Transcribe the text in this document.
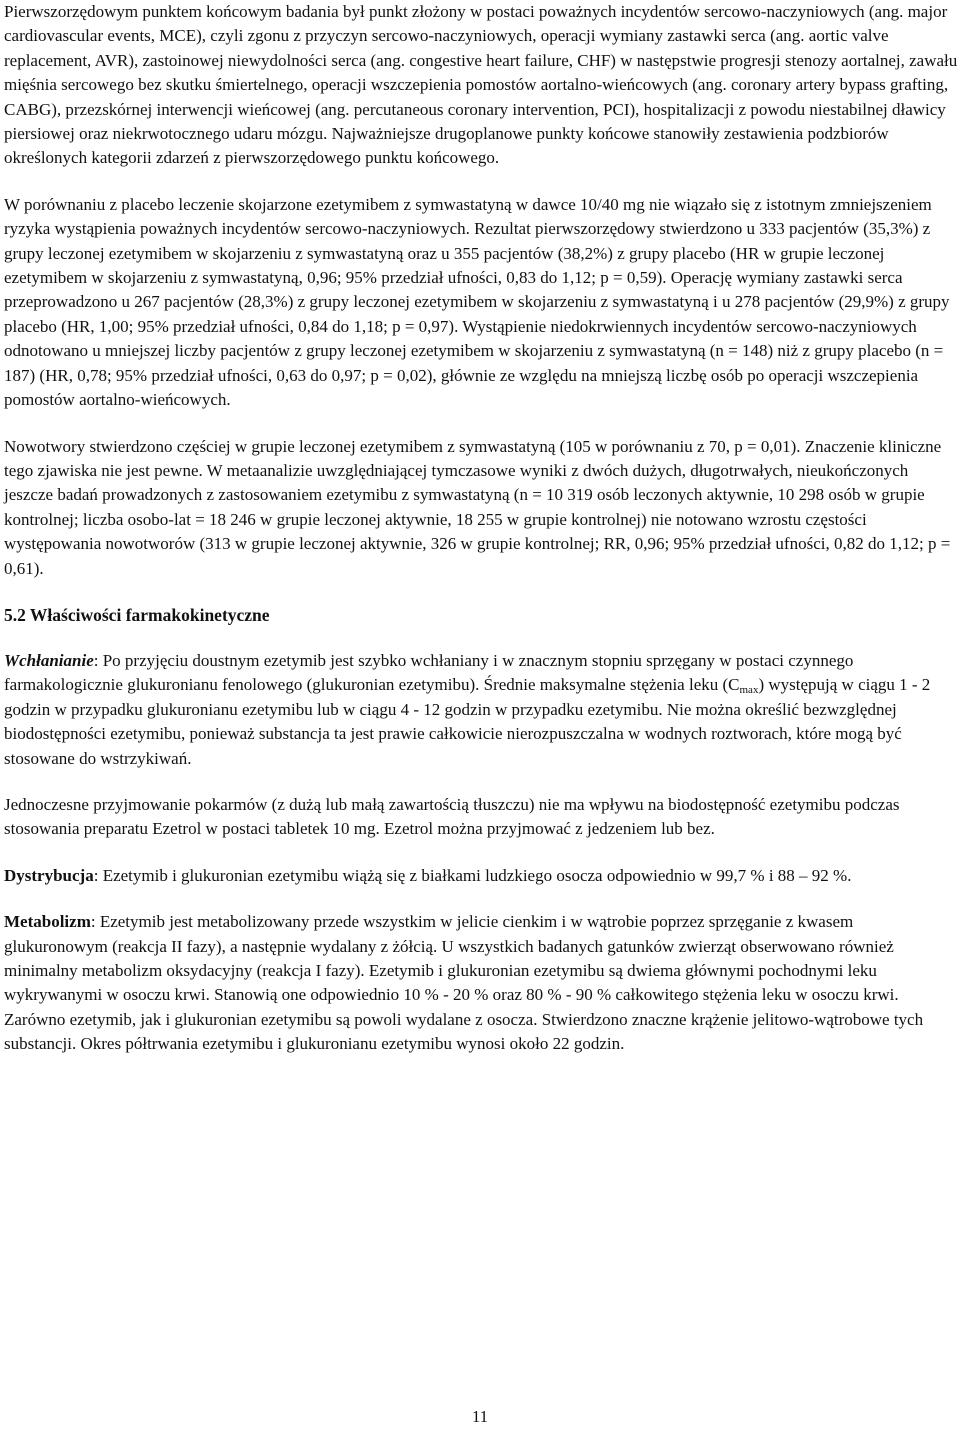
Pierwszorzędowym punktem końcowym badania był punkt złożony w postaci poważnych incydentów sercowo-naczyniowych (ang. major cardiovascular events, MCE), czyli zgonu z przyczyn sercowo-naczyniowych, operacji wymiany zastawki serca (ang. aortic valve replacement, AVR), zastoinowej niewydolności serca (ang. congestive heart failure, CHF) w następstwie progresji stenozy aortalnej, zawału mięśnia sercowego bez skutku śmiertelnego, operacji wszczepienia pomostów aortalno-wieńcowych (ang. coronary artery bypass grafting, CABG), przezskórnej interwencji wieńcowej (ang. percutaneous coronary intervention, PCI), hospitalizacji z powodu niestabilnej dławicy piersiowej oraz niekrwotocznego udaru mózgu. Najważniejsze drugoplanowe punkty końcowe stanowiły zestawienia podzbiorów określonych kategorii zdarzeń z pierwszorzędowego punktu końcowego.

W porównaniu z placebo leczenie skojarzone ezetymibem z symwastatyną w dawce 10/40 mg nie wiązało się z istotnym zmniejszeniem ryzyka wystąpienia poważnych incydentów sercowo-naczyniowych. Rezultat pierwszorzędowy stwierdzono u 333 pacjentów (35,3%) z grupy leczonej ezetymibem w skojarzeniu z symwastatyną oraz u 355 pacjentów (38,2%) z grupy placebo (HR w grupie leczonej ezetymibem w skojarzeniu z symwastatyną, 0,96; 95% przedział ufności, 0,83 do 1,12; p = 0,59). Operację wymiany zastawki serca przeprowadzono u 267 pacjentów (28,3%) z grupy leczonej ezetymibem w skojarzeniu z symwastatyną i u 278 pacjentów (29,9%) z grupy placebo (HR, 1,00; 95% przedział ufności, 0,84 do 1,18; p = 0,97). Wystąpienie niedokrwiennych incydentów sercowo-naczyniowych odnotowano u mniejszej liczby pacjentów z grupy leczonej ezetymibem w skojarzeniu z symwastatyną (n = 148) niż z grupy placebo (n = 187) (HR, 0,78; 95% przedział ufności, 0,63 do 0,97; p = 0,02), głównie ze względu na mniejszą liczbę osób po operacji wszczepienia pomostów aortalno-wieńcowych.

Nowotwory stwierdzono częściej w grupie leczonej ezetymibem z symwastatyną (105 w porównaniu z 70, p = 0,01). Znaczenie kliniczne tego zjawiska nie jest pewne. W metaanalizie uwzględniającej tymczasowe wyniki z dwóch dużych, długotrwałych, nieukończonych jeszcze badań prowadzonych z zastosowaniem ezetymibu z symwastatyną (n = 10 319 osób leczonych aktywnie, 10 298 osób w grupie kontrolnej; liczba osobo-lat = 18 246 w grupie leczonej aktywnie, 18 255 w grupie kontrolnej) nie notowano wzrostu częstości występowania nowotworów (313 w grupie leczonej aktywnie, 326 w grupie kontrolnej; RR, 0,96; 95% przedział ufności, 0,82 do 1,12; p = 0,61).

5.2 Właściwości farmakokinetyczne

Wchłanianie: Po przyjęciu doustnym ezetymib jest szybko wchłaniany i w znacznym stopniu sprzęgany w postaci czynnego farmakologicznie glukuronianu fenolowego (glukuronian ezetymibu). Średnie maksymalne stężenia leku $(C_{max})$ występują w ciągu 1 - 2 godzin w przypadku glukuronianu ezetymibu lub w ciągu 4 - 12 godzin w przypadku ezetymibu. Nie można określić bezwzględnej biodostępności ezetymibu, ponieważ substancja ta jest prawie całkowicie nierozpuszczalna w wodnych roztworach, które mogą być stosowane do wstrzykiwań.

Jednoczesne przyjmowanie pokarmów (z dużą lub małą zawartością tłuszczu) nie ma wpływu na biodostępność ezetymibu podczas stosowania preparatu Ezetrol w postaci tabletek 10 mg. Ezetrol można przyjmować z jedzeniem lub bez.

Dystrybucja: Ezetymib i glukuronian ezetymibu wiążą się z białkami ludzkiego osocza odpowiednio w 99,7 % i 88 – 92 %.

Metabolizm: Ezetymib jest metabolizowany przede wszystkim w jelicie cienkim i w wątrobie poprzez sprzęganie z kwasem glukuronowym (reakcja II fazy), a następnie wydalany z żółcią. U wszystkich badanych gatunków zwierząt obserwowano również minimalny metabolizm oksydacyjny (reakcja I fazy). Ezetymib i glukuronian ezetymibu są dwiema głównymi pochodnymi leku wykrywanymi w osoczu krwi. Stanowią one odpowiednio 10 % - 20 % oraz 80 % - 90 % całkowitego stężenia leku w osoczu krwi. Zarówno ezetymib, jak i glukuronian ezetymibu są powoli wydalane z osocza. Stwierdzono znaczne krążenie jelitowo-wątrobowe tych substancji. Okres półtrwania ezetymibu i glukuronianu ezetymibu wynosi około 22 godzin.

11
